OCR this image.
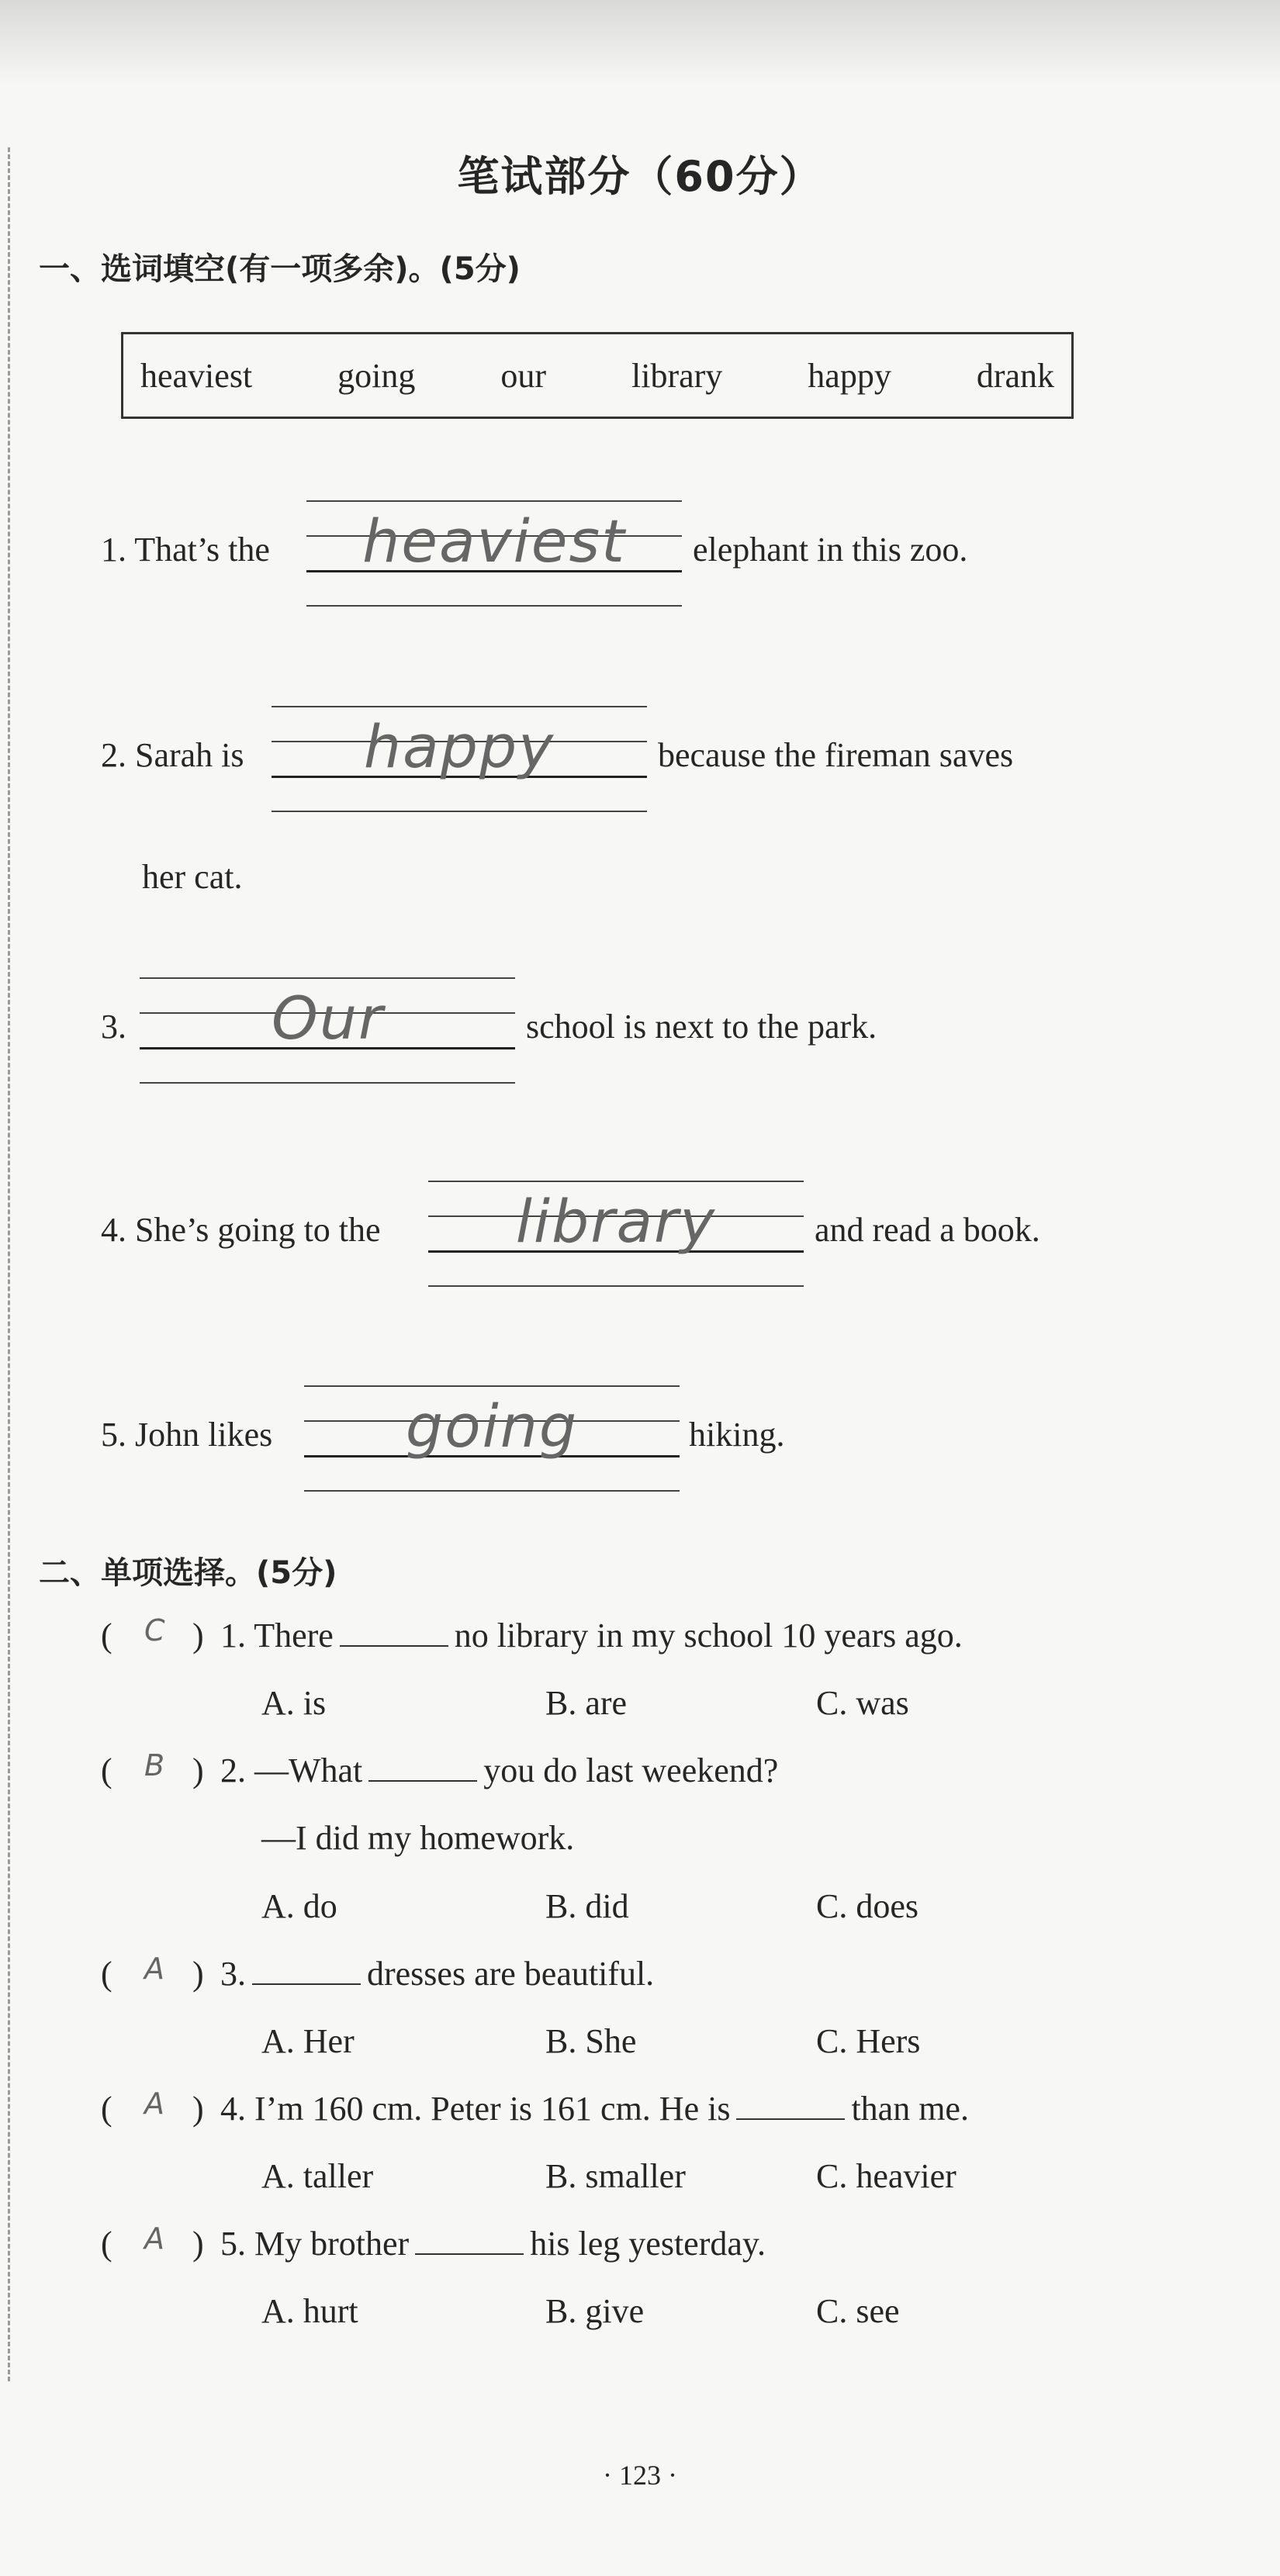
笔试部分（60分）
一、选词填空(有一项多余)。(5分)
heaviest going our library happy drank
1. That’s the	heaviest	elephant in this zoo.
2. Sarah is	happy	because the fireman saves
her cat.
3.	Our	school is next to the park.
4. She’s going to the	library	and read a book.
5. John likes	going	hiking.
二、单项选择。(5分)
( C ) 1. There	no library in my school 10 years ago.
A. is	B. are	C. was
( B ) 2. —What	you do last weekend?
—I did my homework.
A. do	B. did	C. does
( A ) 3.	dresses are beautiful.
A. Her	B. She	C. Hers
( A ) 4. I’m 160 cm. Peter is 161 cm. He is	than me.
A. taller	B. smaller	C. heavier
( A ) 5. My brother	his leg yesterday.
A. hurt	B. give	C. see
· 123 ·
